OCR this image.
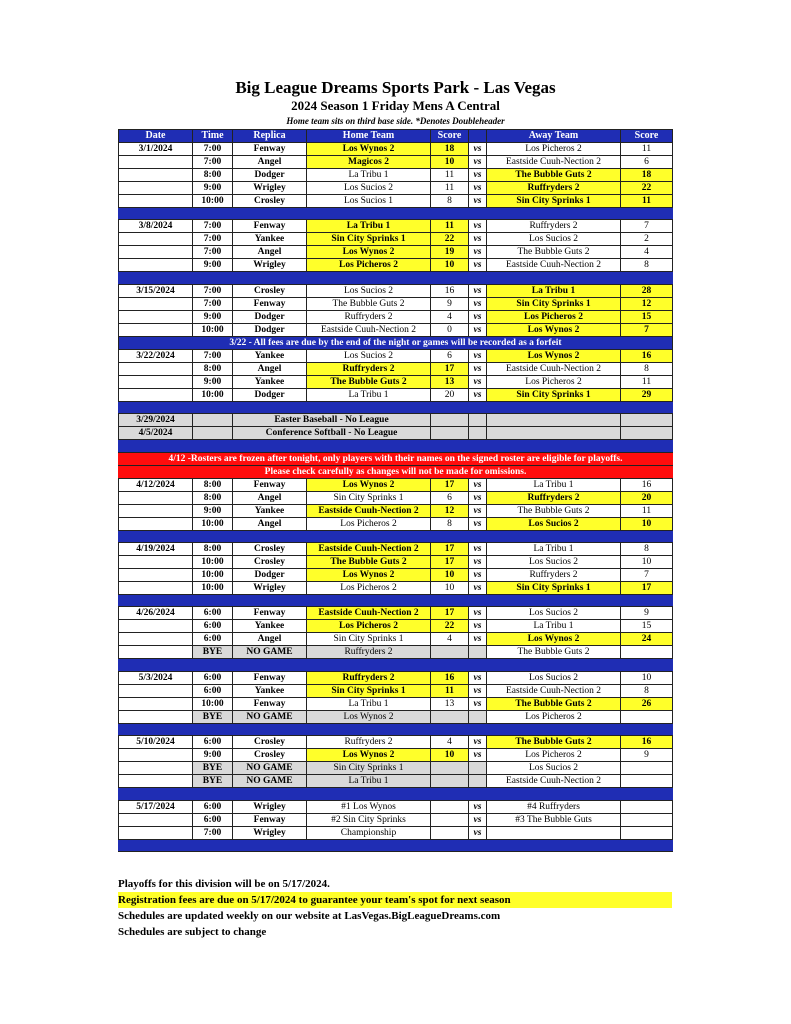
Big League Dreams Sports Park - Las Vegas
2024 Season 1 Friday Mens A Central
Home team sits on third base side. *Denotes Doubleheader
Date	Time	Replica	Home Team	Score		Away Team	Score
3/1/2024	7:00	Fenway	Los Wynos 2	18	vs	Los Picheros 2	11
	7:00	Angel	Magicos 2	10	vs	Eastside Cuuh-Nection 2	6
	8:00	Dodger	La Tribu 1	11	vs	The Bubble Guts 2	18
	9:00	Wrigley	Los Sucios 2	11	vs	Ruffryders 2	22
	10:00	Crosley	Los Sucios 1	8	vs	Sin City Sprinks 1	11

3/8/2024	7:00	Fenway	La Tribu 1	11	vs	Ruffryders 2	7
	7:00	Yankee	Sin City Sprinks 1	22	vs	Los Sucios 2	2
	7:00	Angel	Los Wynos 2	19	vs	The Bubble Guts 2	4
	9:00	Wrigley	Los Picheros 2	10	vs	Eastside Cuuh-Nection 2	8

3/15/2024	7:00	Crosley	Los Sucios 2	16	vs	La Tribu 1	28
	7:00	Fenway	The Bubble Guts 2	9	vs	Sin City Sprinks 1	12
	9:00	Dodger	Ruffryders 2	4	vs	Los Picheros 2	15
	10:00	Dodger	Eastside Cuuh-Nection 2	0	vs	Los Wynos 2	7
3/22 - All fees are due by the end of the night or games will be recorded as a forfeit							
3/22/2024	7:00	Yankee	Los Sucios 2	6	vs	Los Wynos 2	16
	8:00	Angel	Ruffryders 2	17	vs	Eastside Cuuh-Nection 2	8
	9:00	Yankee	The Bubble Guts 2	13	vs	Los Picheros 2	11
	10:00	Dodger	La Tribu 1	20	vs	Sin City Sprinks 1	29

3/29/2024		Easter Baseball - No League					
4/5/2024		Conference Softball - No League					

4/12 -Rosters are frozen after tonight, only players with their names on the signed roster are eligible for playoffs.							
Please check carefully as changes will not be made for omissions.							
4/12/2024	8:00	Fenway	Los Wynos 2	17	vs	La Tribu 1	16
	8:00	Angel	Sin City Sprinks 1	6	vs	Ruffryders 2	20
	9:00	Yankee	Eastside Cuuh-Nection 2	12	vs	The Bubble Guts 2	11
	10:00	Angel	Los Picheros 2	8	vs	Los Sucios 2	10

4/19/2024	8:00	Crosley	Eastside Cuuh-Nection 2	17	vs	La Tribu 1	8
	10:00	Crosley	The Bubble Guts 2	17	vs	Los Sucios 2	10
	10:00	Dodger	Los Wynos 2	10	vs	Ruffryders 2	7
	10:00	Wrigley	Los Picheros 2	10	vs	Sin City Sprinks 1	17

4/26/2024	6:00	Fenway	Eastside Cuuh-Nection 2	17	vs	Los Sucios 2	9
	6:00	Yankee	Los Picheros 2	22	vs	La Tribu 1	15
	6:00	Angel	Sin City Sprinks 1	4	vs	Los Wynos 2	24
	BYE	NO GAME	Ruffryders 2			The Bubble Guts 2	

5/3/2024	6:00	Fenway	Ruffryders 2	16	vs	Los Sucios 2	10
	6:00	Yankee	Sin City Sprinks 1	11	vs	Eastside Cuuh-Nection 2	8
	10:00	Fenway	La Tribu 1	13	vs	The Bubble Guts 2	26
	BYE	NO GAME	Los Wynos 2			Los Picheros 2	

5/10/2024	6:00	Crosley	Ruffryders 2	4	vs	The Bubble Guts 2	16
	9:00	Crosley	Los Wynos 2	10	vs	Los Picheros 2	9
	BYE	NO GAME	Sin City Sprinks 1			Los Sucios 2	
	BYE	NO GAME	La Tribu 1			Eastside Cuuh-Nection 2	

5/17/2024	6:00	Wrigley	#1 Los Wynos		vs	#4 Ruffryders	
	6:00	Fenway	#2 Sin City Sprinks		vs	#3 The Bubble Guts	
	7:00	Wrigley	Championship		vs		

Playoffs for this division will be on 5/17/2024.
Registration fees are due on 5/17/2024 to guarantee your team's spot for next season
Schedules are updated weekly on our website at LasVegas.BigLeagueDreams.com
Schedules are subject to change
